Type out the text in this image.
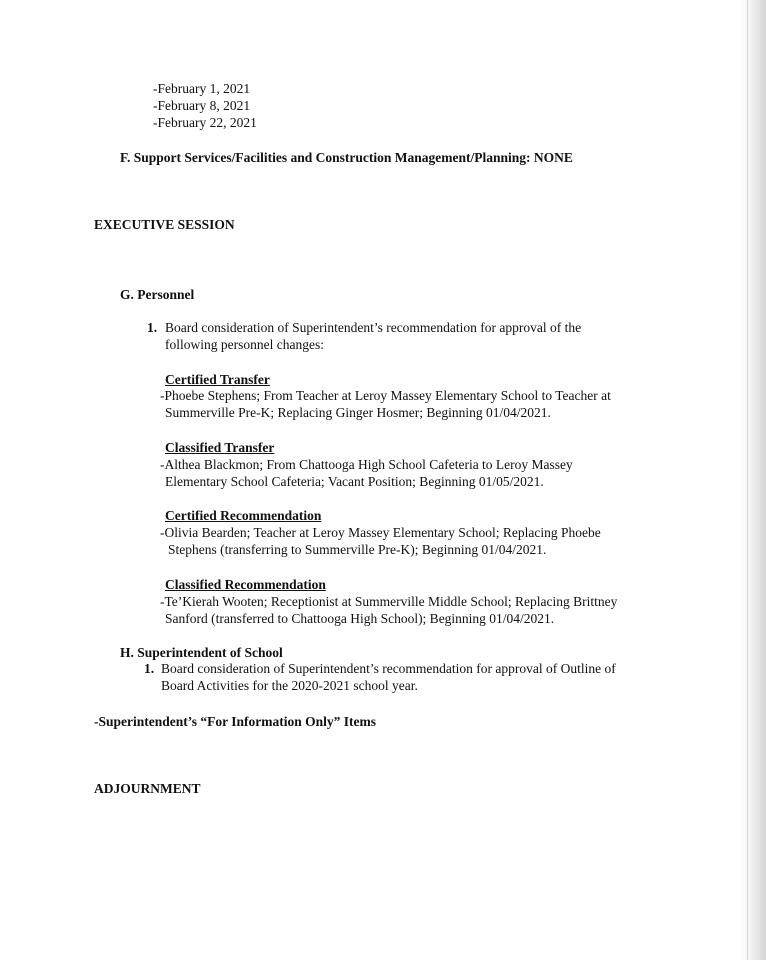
-February 1, 2021
-February 8, 2021
-February 22, 2021
F. Support Services/Facilities and Construction Management/Planning: NONE
EXECUTIVE SESSION
G. Personnel
1. Board consideration of Superintendent’s recommendation for approval of the
following personnel changes:
Certified Transfer
-Phoebe Stephens; From Teacher at Leroy Massey Elementary School to Teacher at
Summerville Pre-K; Replacing Ginger Hosmer; Beginning 01/04/2021.
Classified Transfer
-Althea Blackmon; From Chattooga High School Cafeteria to Leroy Massey
Elementary School Cafeteria; Vacant Position; Beginning 01/05/2021.
Certified Recommendation
-Olivia Bearden; Teacher at Leroy Massey Elementary School; Replacing Phoebe
Stephens (transferring to Summerville Pre-K); Beginning 01/04/2021.
Classified Recommendation
-Te’Kierah Wooten; Receptionist at Summerville Middle School; Replacing Brittney
Sanford (transferred to Chattooga High School); Beginning 01/04/2021.
H. Superintendent of School
1. Board consideration of Superintendent’s recommendation for approval of Outline of
Board Activities for the 2020-2021 school year.
-Superintendent’s “For Information Only” Items
ADJOURNMENT
